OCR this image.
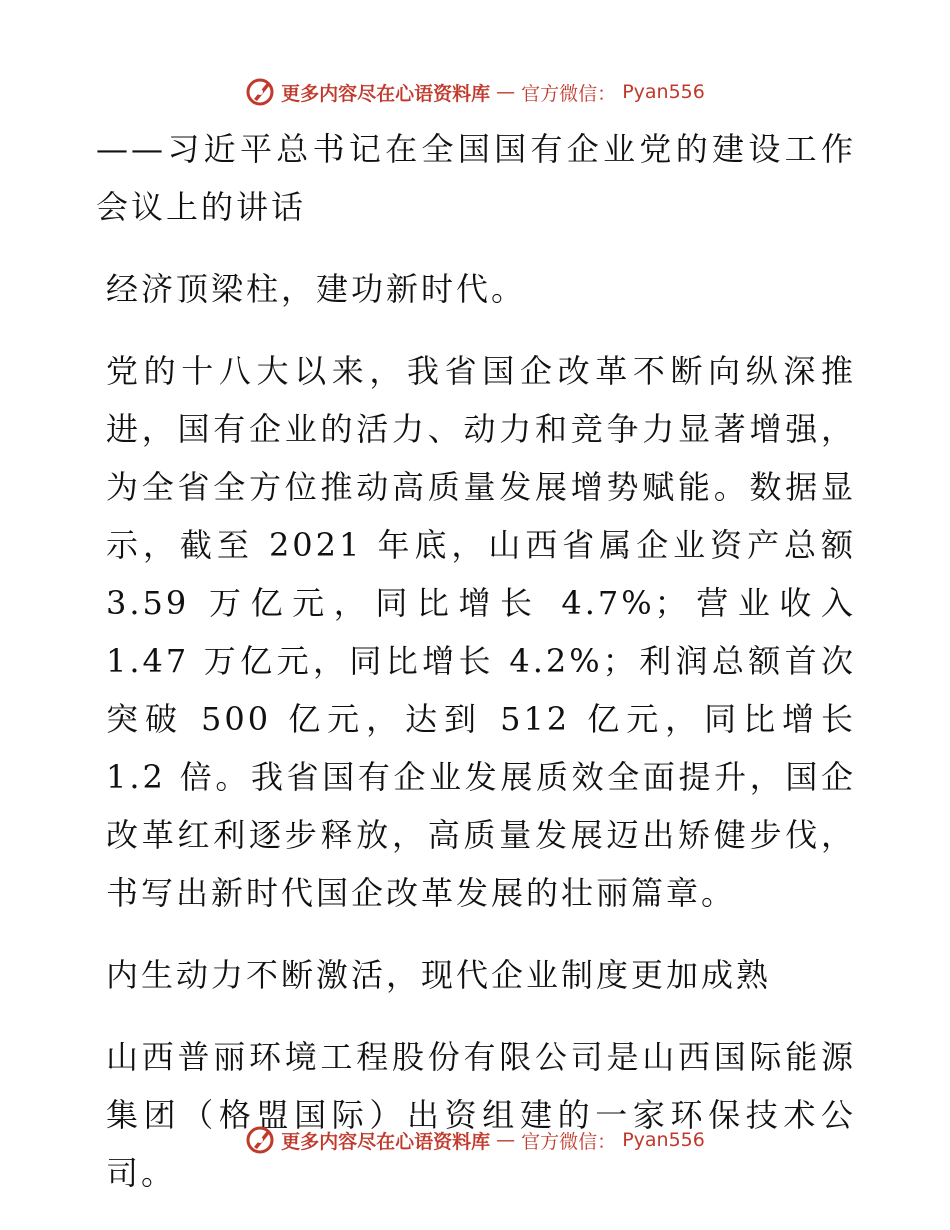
更多内容尽在心语资料库 — 官方微信： Pyan556

——习近平总书记在全国国有企业党的建设工作会议上的讲话

经济顶梁柱，建功新时代。

党的十八大以来，我省国企改革不断向纵深推进，国有企业的活力、动力和竞争力显著增强，为全省全方位推动高质量发展增势赋能。数据显示，截至 2021 年底，山西省属企业资产总额 3.59 万亿元，同比增长 4.7%；营业收入 1.47 万亿元，同比增长 4.2%；利润总额首次突破 500 亿元，达到 512 亿元，同比增长 1.2 倍。我省国有企业发展质效全面提升，国企改革红利逐步释放，高质量发展迈出矫健步伐，书写出新时代国企改革发展的壮丽篇章。

内生动力不断激活，现代企业制度更加成熟

山西普丽环境工程股份有限公司是山西国际能源集团（格盟国际）出资组建的一家环保技术公司。

更多内容尽在心语资料库 — 官方微信： Pyan556
